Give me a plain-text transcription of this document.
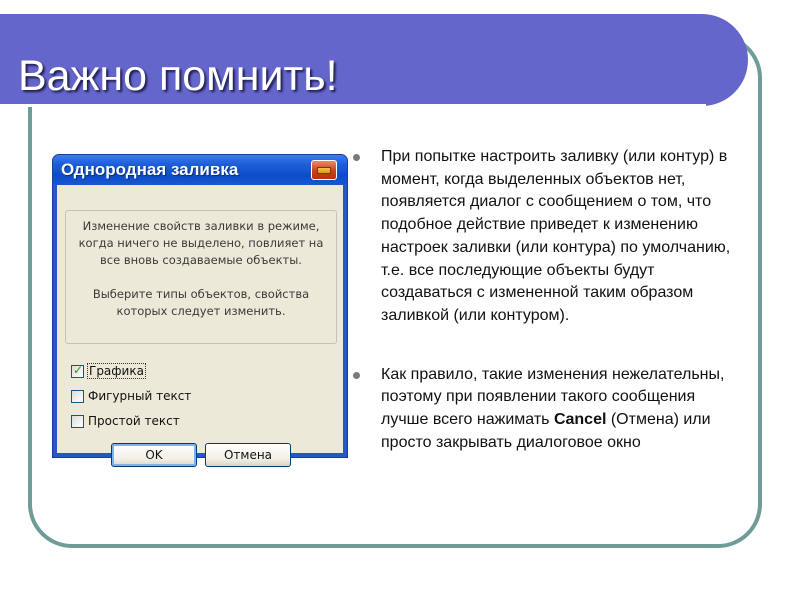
Важно помнить!
Однородная заливка

Изменение свойств заливки в режиме, когда ничего не выделено, повлияет на все вновь создаваемые объекты.

Выберите типы объектов, свойства которых следует изменить.

✓ Графика
Фигурный текст
Простой текст
OK	Отмена
При попытке настроить заливку (или контур) в момент, когда выделенных объектов нет, появляется диалог с сообщением о том, что подобное действие приведет к изменению настроек заливки (или контура) по умолчанию, т.е. все последующие объекты будут создаваться с измененной таким образом заливкой (или контуром).
Как правило, такие изменения нежелательны, поэтому при появлении такого сообщения лучше всего нажимать Cancel (Отмена) или просто закрывать диалоговое окно
